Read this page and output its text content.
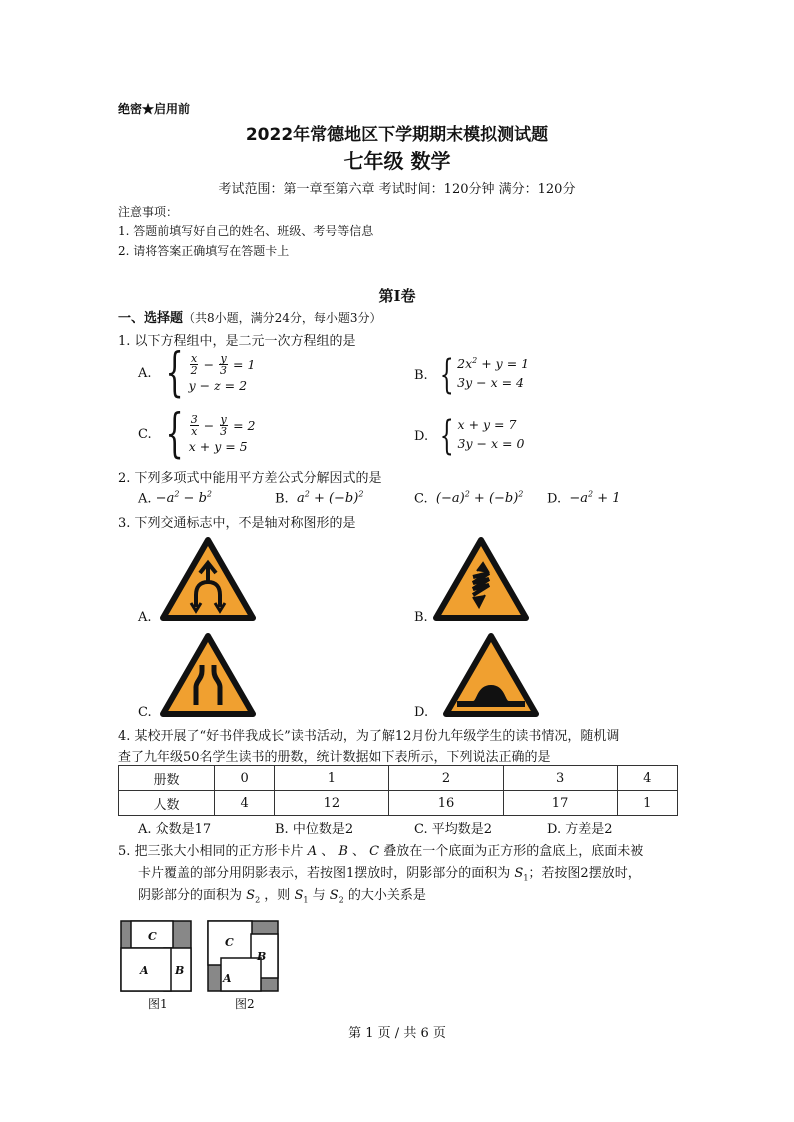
绝密★启用前
2022年常德地区下学期期末模拟测试题
七年级 数学
考试范围：第一章至第六章 考试时间：120分钟 满分：120分
注意事项：
1. 答题前填写好自己的姓名、班级、考号等信息
2. 请将答案正确填写在答题卡上
第Ⅰ卷
一、选择题（共8小题，满分24分，每小题3分）
1. 以下方程组中，是二元一次方程组的是
A. { $\frac{x}{2} - \frac{y}{3} = 1$
y − z = 2
B. { $2x^2 + y = 1$
3y − x = 4
C. { $\frac{3}{x} - \frac{y}{3} = 2$
x + y = 5
D. { x + y = 7
3y − x = 0
2. 下列多项式中能用平方差公式分解因式的是
A. $-a^2 - b^2$	B. $a^2 + (-b)^2$	C. $(-a)^2 + (-b)^2$ D. $-a^2 + 1$
3. 下列交通标志中，不是轴对称图形的是
A.	B.
C.	D.
4. 某校开展了“好书伴我成长”读书活动，为了解12月份九年级学生的读书情况，随机调
查了九年级50名学生读书的册数，统计数据如下表所示，下列说法正确的是
册数	0	1	2	3	4
人数	4	12	16	17	1
A. 众数是17	B. 中位数是2	C. 平均数是2	D. 方差是2
5. 把三张大小相同的正方形卡片 A 、 B 、 C 叠放在一个底面为正方形的盒底上，底面未被
卡片覆盖的部分用阴影表示，若按图1摆放时，阴影部分的面积为 $S_1$；若按图2摆放时，
阴影部分的面积为 $S_2$ ，则 $S_1$ 与 $S_2$ 的大小关系是
C
A B
图1
C
B
A
图2
第 1 页 / 共 6 页
